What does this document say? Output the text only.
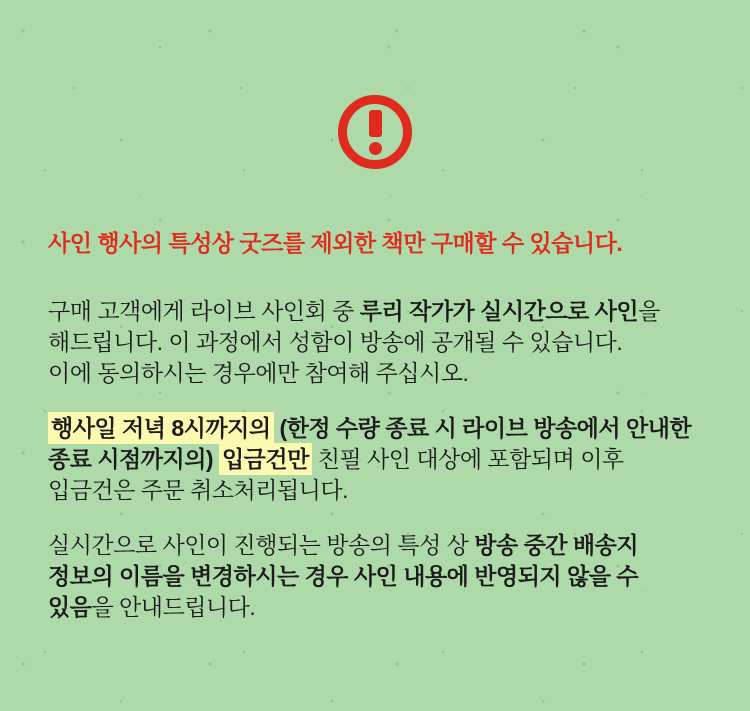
사인 행사의 특성상 굿즈를 제외한 책만 구매할 수 있습니다.

구매 고객에게 라이브 사인회 중 루리 작가가 실시간으로 사인을
해드립니다. 이 과정에서 성함이 방송에 공개될 수 있습니다.
이에 동의하시는 경우에만 참여해 주십시오.

행사일 저녁 8시까지의 (한정 수량 종료 시 라이브 방송에서 안내한
종료 시점까지의) 입금건만 친필 사인 대상에 포함되며 이후
입금건은 주문 취소처리됩니다.

실시간으로 사인이 진행되는 방송의 특성 상 방송 중간 배송지
정보의 이름을 변경하시는 경우 사인 내용에 반영되지 않을 수
있음을 안내드립니다.
